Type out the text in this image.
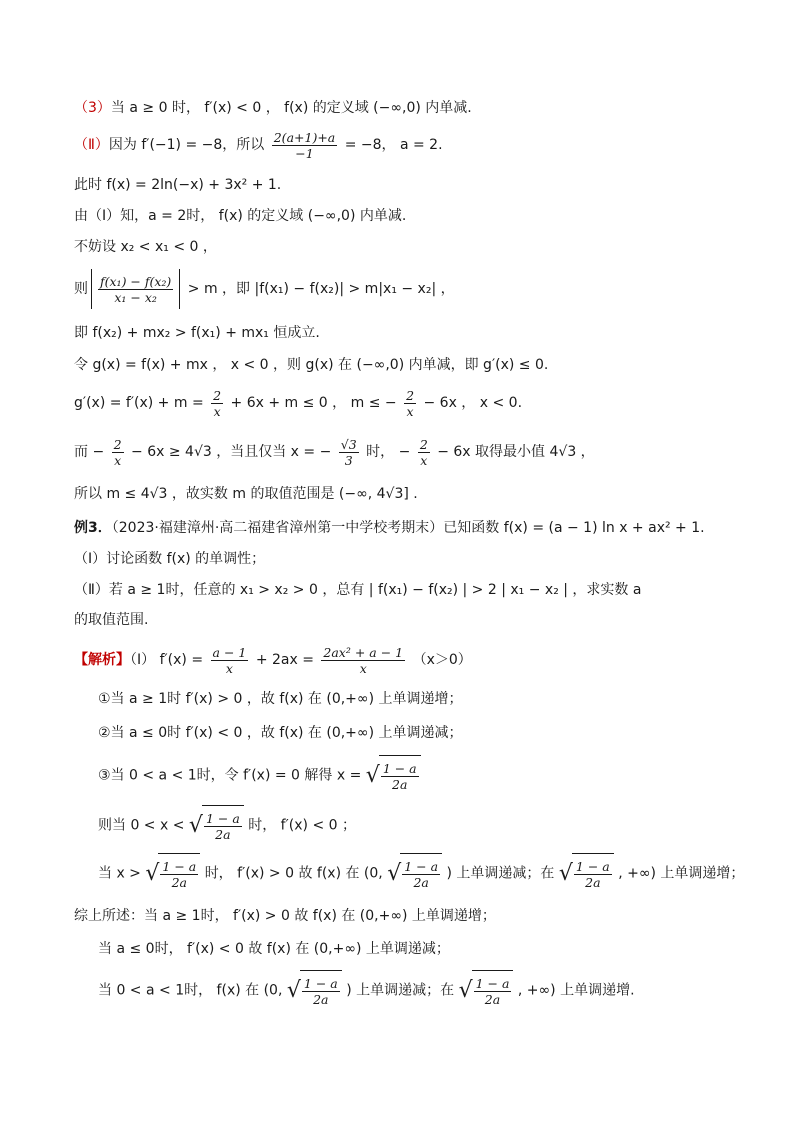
（3）当 a ≥ 0 时， f′(x) < 0 ， f(x) 的定义域 (−∞,0) 内单减.
（Ⅱ）因为 f′(−1) = −8，所以 $\frac{2(a+1)+a}{-1} = -8$， a = 2.
此时 f(x) = 2ln(−x) + 3x² + 1.
由（Ⅰ）知，a = 2时， f(x) 的定义域 (−∞,0) 内单减.
不妨设 x₂ < x₁ < 0 ，
则 $\frac{\text{f(x₁) − f(x₂)}}{\text{x₁ − x₂}} > m$ ，即 |f(x₁) − f(x₂)| > m|x₁ − x₂| ，
即 f(x₂) + mx₂ > f(x₁) + mx₁ 恒成立.
令 g(x) = f(x) + mx ， x < 0 ，则 g(x) 在 (−∞,0) 内单减，即 g′(x) ≤ 0.
$g'(x) = f'(x) + m = \frac{2}{x} + 6x + m \le 0$ ， m ≤ − $\frac{2}{x} - 6x$ ， x < 0.
而 − $\frac{2}{x} - 6x \ge 4√3$ ，当且仅当 x = − $\frac{√3}{3}$ 时， − $\frac{2}{x} - 6x$ 取得最小值 4√3 ，
所以 m ≤ 4√3 ，故实数 m 的取值范围是 (−∞, 4√3] .
例3．（2023·福建漳州·高二福建省漳州第一中学校考期末）已知函数 f(x) = (a − 1) ln x + ax² + 1.
（Ⅰ）讨论函数 f(x) 的单调性；
（Ⅱ）若 a ≥ 1时，任意的 x₁ > x₂ > 0 ，总有 | f(x₁) − f(x₂) | > 2 | x₁ − x₂ | ，求实数 a
的取值范围.
【解析】（Ⅰ） $f'(x) = \frac{a - 1}{x} + 2ax = \frac{\text{2ax² + a − 1}}{x} (x>0)$
①当 a ≥ 1时 f′(x) > 0 ，故 f(x) 在 (0,+∞) 上单调递增；
②当 a ≤ 0时 f′(x) < 0 ，故 f(x) 在 (0,+∞) 上单调递减；
③当 0 < a < 1时，令 f′(x) = 0 解得 x = √ $\frac{1 - a}{2a}$
则当 0 < x < √ $\frac{1 - a}{2a}$ 时， f′(x) < 0 ；
当 x > √ $\frac{1 - a}{2a}$ 时， f′(x) > 0 故 f(x) 在 (0, √ $\frac{1 - a}{2a}$ ) 上单调递减；在 √ $\frac{1 - a}{2a}$ , +∞) 上单调递增；
综上所述：当 a ≥ 1时， f′(x) > 0 故 f(x) 在 (0,+∞) 上单调递增；
当 a ≤ 0时， f′(x) < 0 故 f(x) 在 (0,+∞) 上单调递减；
当 0 < a < 1时， f(x) 在 (0, √ $\frac{1 - a}{2a}$ ) 上单调递减；在 √ $\frac{1 - a}{2a}$ , +∞) 上单调递增.
